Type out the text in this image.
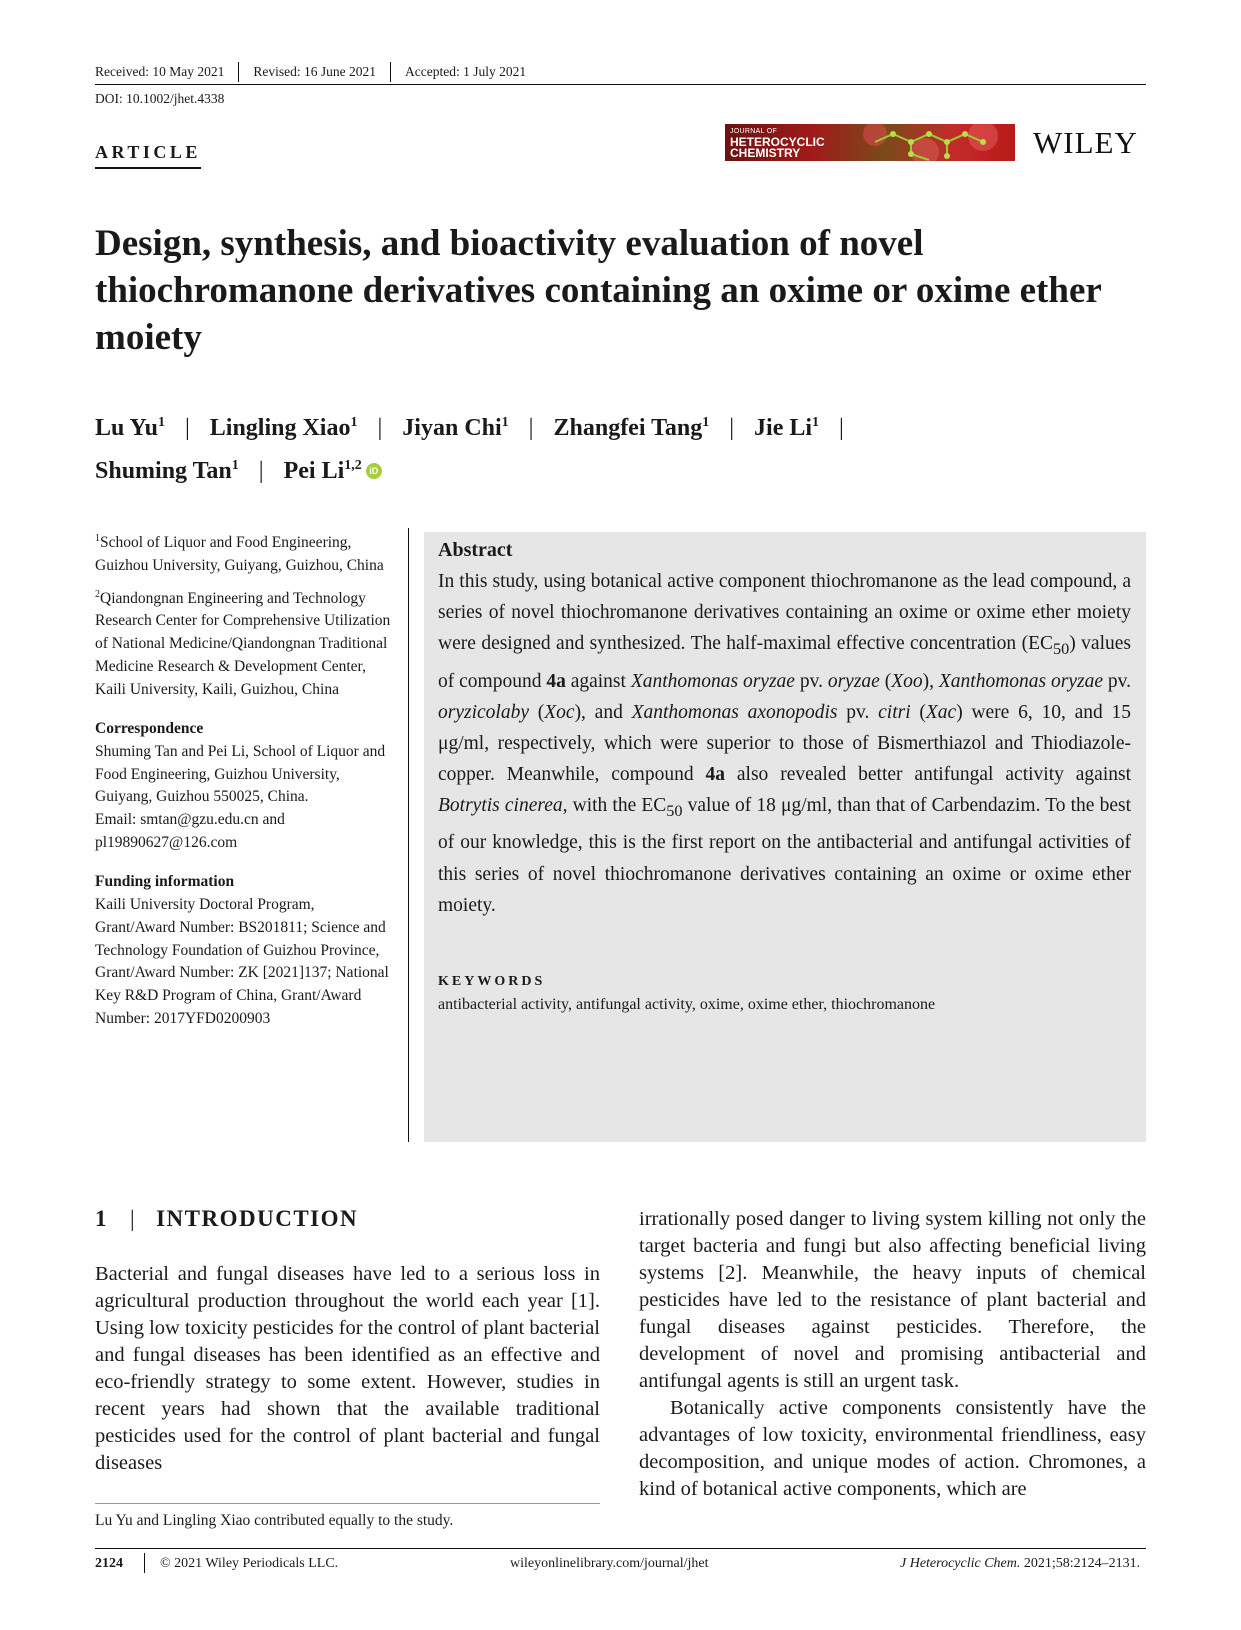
Received: 10 May 2021	Revised: 16 June 2021	Accepted: 1 July 2021
DOI: 10.1002/jhet.4338
ARTICLE
JOURNAL OF
HETEROCYCLIC
CHEMISTRY	WILEY
Design, synthesis, and bioactivity evaluation of novel thiochromanone derivatives containing an oxime or oxime ether moiety
Lu Yu$^1$ | Lingling Xiao$^1$ | Jiyan Chi$^1$ | Zhangfei Tang$^1$ | Jie Li$^1$ |
Shuming Tan$^1$ | Pei Li$^{1,2}$ iD

$^1$School of Liquor and Food Engineering, Guizhou University, Guiyang, Guizhou, China

$^2$Qiandongnan Engineering and Technology Research Center for Comprehensive Utilization of National Medicine/Qiandongnan Traditional Medicine Research & Development Center, Kaili University, Kaili, Guizhou, China

Correspondence

Shuming Tan and Pei Li, School of Liquor and Food Engineering, Guizhou University, Guiyang, Guizhou 550025, China.

Email: smtan@gzu.edu.cn and pl19890627@126.com

Funding information

Kaili University Doctoral Program, Grant/Award Number: BS201811; Science and Technology Foundation of Guizhou Province, Grant/Award Number: ZK [2021]137; National Key R&D Program of China, Grant/Award Number: 2017YFD0200903

Abstract

In this study, using botanical active component thiochromanone as the lead compound, a series of novel thiochromanone derivatives containing an oxime or oxime ether moiety were designed and synthesized. The half-maximal effective concentration $(EC_{50})$ values of compound 4a against Xanthomonas oryzae pv. oryzae (Xoo), Xanthomonas oryzae pv. oryzicolaby (Xoc), and Xanthomonas axonopodis pv. citri (Xac) were 6, 10, and 15 μg/ml, respectively, which were superior to those of Bismerthiazol and Thiodiazole-copper. Meanwhile, compound 4a also revealed better antifungal activity against Botrytis cinerea, with the $EC_{50}$ value of 18 μg/ml, than that of Carbendazim. To the best of our knowledge, this is the first report on the antibacterial and antifungal activities of this series of novel thiochromanone derivatives containing an oxime or oxime ether moiety.

KEYWORDS
antibacterial activity, antifungal activity, oxime, oxime ether, thiochromanone
1 | INTRODUCTION

Bacterial and fungal diseases have led to a serious loss in agricultural production throughout the world each year [1]. Using low toxicity pesticides for the control of plant bacterial and fungal diseases has been identified as an effective and eco-friendly strategy to some extent. However, studies in recent years had shown that the available traditional pesticides used for the control of plant bacterial and fungal diseases

irrationally posed danger to living system killing not only the target bacteria and fungi but also affecting beneficial living systems [2]. Meanwhile, the heavy inputs of chemical pesticides have led to the resistance of plant bacterial and fungal diseases against pesticides. Therefore, the development of novel and promising antibacterial and antifungal agents is still an urgent task.

Botanically active components consistently have the advantages of low toxicity, environmental friendliness, easy decomposition, and unique modes of action. Chromones, a kind of botanical active components, which are

Lu Yu and Lingling Xiao contributed equally to the study.
2124	© 2021 Wiley Periodicals LLC.	wileyonlinelibrary.com/journal/jhet	J Heterocyclic Chem. 2021;58:2124–2131.
